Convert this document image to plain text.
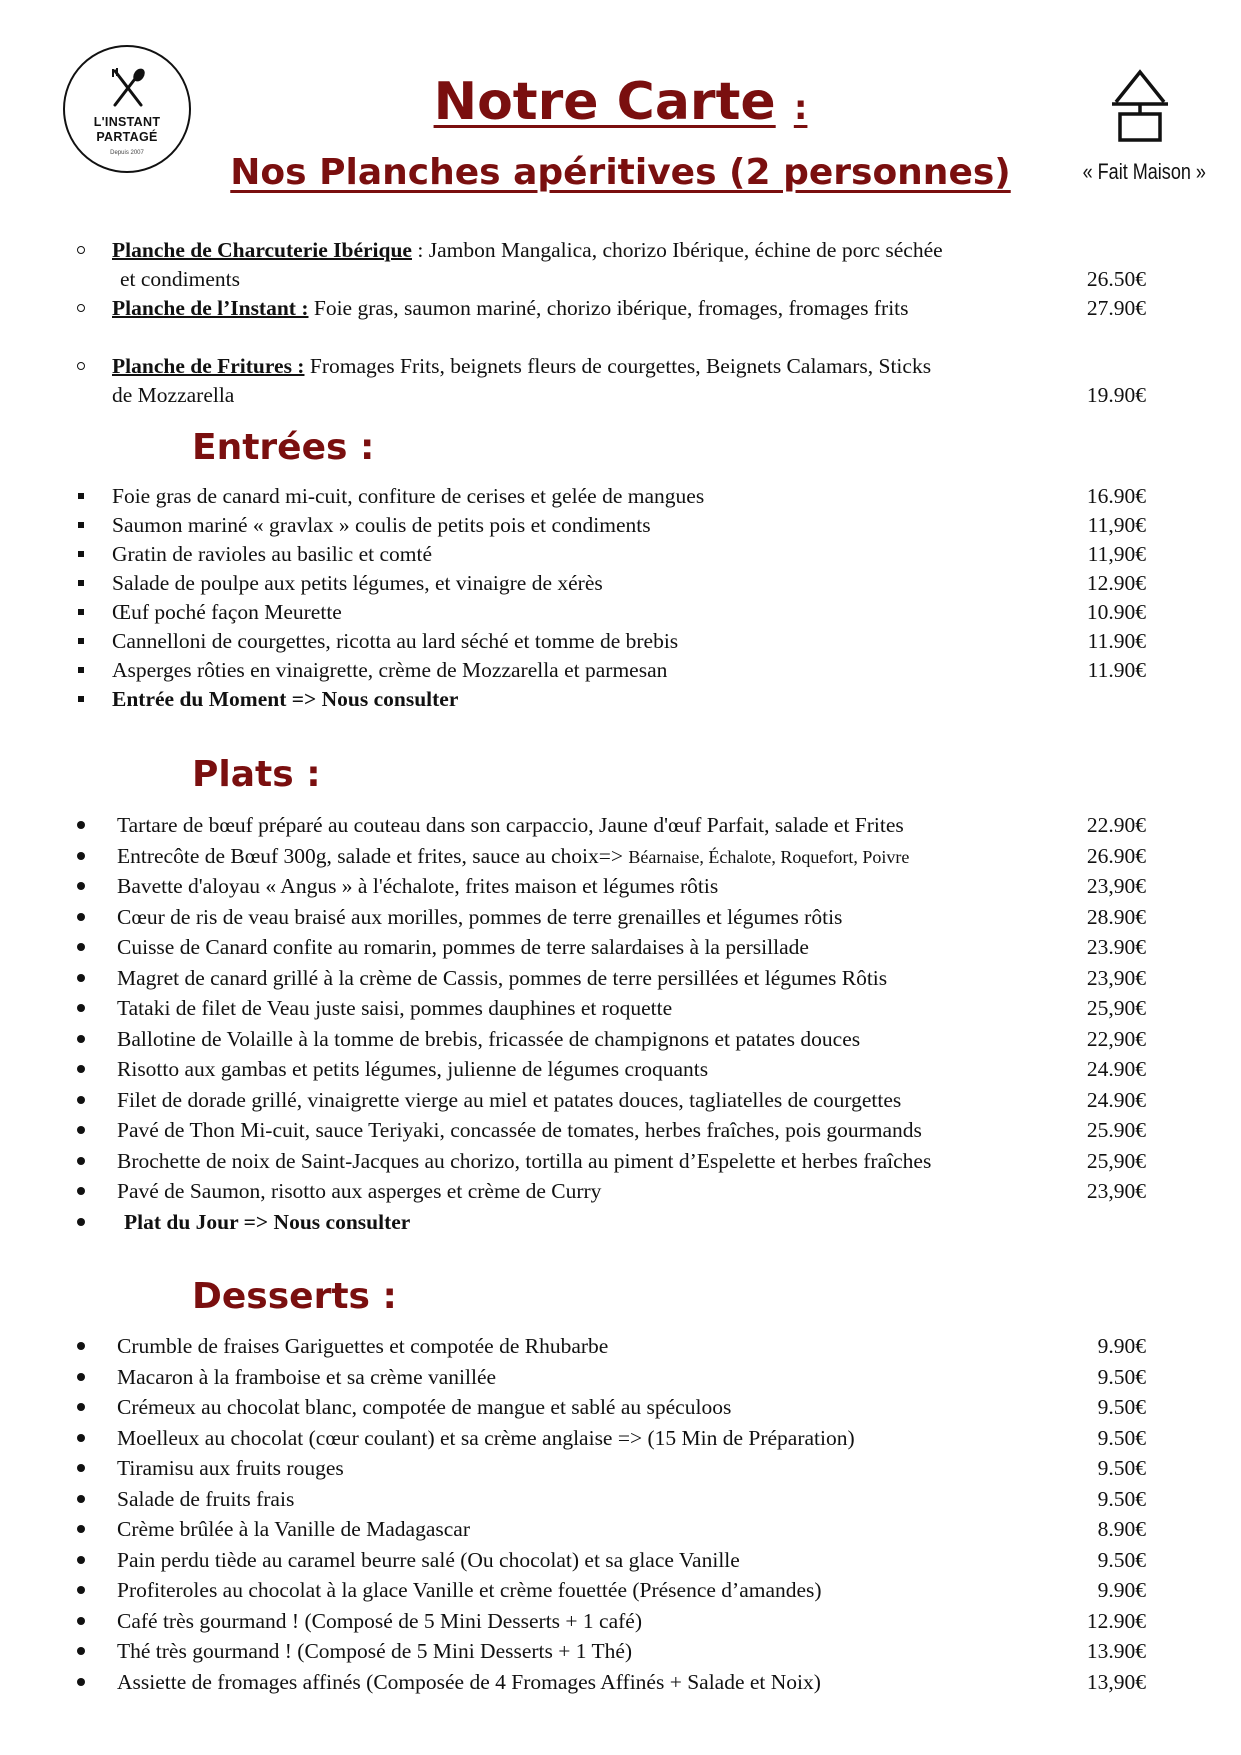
L'INSTANT
PARTAGÉ
Depuis 2007
« Fait Maison »
Notre Carte :
Nos Planches apéritives (2 personnes)
Planche de Charcuterie Ibérique : Jambon Mangalica, chorizo Ibérique, échine de porc séchée
et condiments	26.50€
Planche de l’Instant : Foie gras, saumon mariné, chorizo ibérique, fromages, fromages frits	27.90€
Planche de Fritures : Fromages Frits, beignets fleurs de courgettes, Beignets Calamars, Sticks
de Mozzarella	19.90€
Entrées :
Foie gras de canard mi-cuit, confiture de cerises et gelée de mangues	16.90€
Saumon mariné « gravlax » coulis de petits pois et condiments	11,90€
Gratin de ravioles au basilic et comté	11,90€
Salade de poulpe aux petits légumes, et vinaigre de xérès	12.90€
Œuf poché façon Meurette	10.90€
Cannelloni de courgettes, ricotta au lard séché et tomme de brebis	11.90€
Asperges rôties en vinaigrette, crème de Mozzarella et parmesan	11.90€
Entrée du Moment => Nous consulter
Plats :
Tartare de bœuf préparé au couteau dans son carpaccio, Jaune d'œuf Parfait, salade et Frites	22.90€
Entrecôte de Bœuf 300g, salade et frites, sauce au choix=> Béarnaise, Échalote, Roquefort, Poivre	26.90€
Bavette d'aloyau « Angus » à l'échalote, frites maison et légumes rôtis	23,90€
Cœur de ris de veau braisé aux morilles, pommes de terre grenailles et légumes rôtis	28.90€
Cuisse de Canard confite au romarin, pommes de terre salardaises à la persillade	23.90€
Magret de canard grillé à la crème de Cassis, pommes de terre persillées et légumes Rôtis	23,90€
Tataki de filet de Veau juste saisi, pommes dauphines et roquette	25,90€
Ballotine de Volaille à la tomme de brebis, fricassée de champignons et patates douces	22,90€
Risotto aux gambas et petits légumes, julienne de légumes croquants	24.90€
Filet de dorade grillé, vinaigrette vierge au miel et patates douces, tagliatelles de courgettes	24.90€
Pavé de Thon Mi-cuit, sauce Teriyaki, concassée de tomates, herbes fraîches, pois gourmands	25.90€
Brochette de noix de Saint-Jacques au chorizo, tortilla au piment d’Espelette et herbes fraîches	25,90€
Pavé de Saumon, risotto aux asperges et crème de Curry	23,90€
Plat du Jour => Nous consulter
Desserts :
Crumble de fraises Gariguettes et compotée de Rhubarbe	9.90€
Macaron à la framboise et sa crème vanillée	9.50€
Crémeux au chocolat blanc, compotée de mangue et sablé au spéculoos	9.50€
Moelleux au chocolat (cœur coulant) et sa crème anglaise => (15 Min de Préparation)	9.50€
Tiramisu aux fruits rouges	9.50€
Salade de fruits frais	9.50€
Crème brûlée à la Vanille de Madagascar	8.90€
Pain perdu tiède au caramel beurre salé (Ou chocolat) et sa glace Vanille	9.50€
Profiteroles au chocolat à la glace Vanille et crème fouettée (Présence d’amandes)	9.90€
Café très gourmand ! (Composé de 5 Mini Desserts + 1 café)	12.90€
Thé très gourmand ! (Composé de 5 Mini Desserts + 1 Thé)	13.90€
Assiette de fromages affinés (Composée de 4 Fromages Affinés + Salade et Noix)	13,90€
